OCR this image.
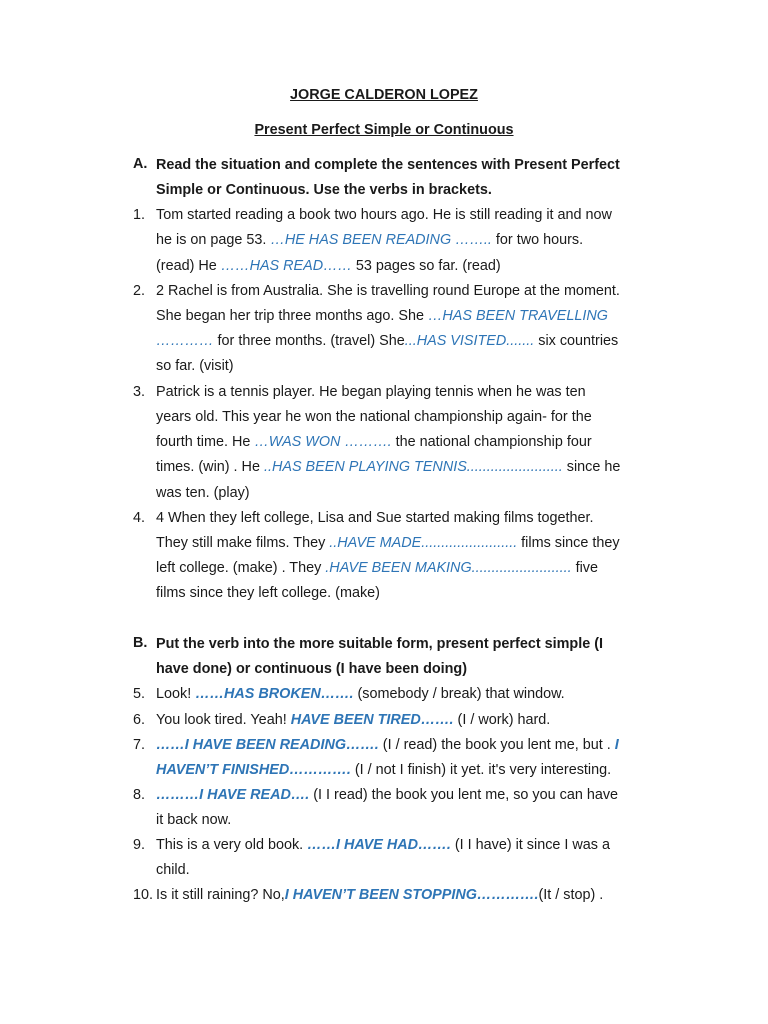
JORGE CALDERON LOPEZ
Present Perfect Simple or Continuous
A. Read the situation and complete the sentences with Present Perfect
Simple or Continuous. Use the verbs in brackets.
1. Tom started reading a book two hours ago. He is still reading it and now
he is on page 53. …HE HAS BEEN READING …….. for two hours.
(read) He ……HAS READ…… 53 pages so far. (read)
2. 2 Rachel is from Australia. She is travelling round Europe at the moment.
She began her trip three months ago. She …HAS BEEN TRAVELLING
………… for three months. (travel) She...HAS VISITED....... six countries
so far. (visit)
3. Patrick is a tennis player. He began playing tennis when he was ten
years old. This year he won the national championship again- for the
fourth time. He …WAS WON ………. the national championship four
times. (win) . He ..HAS BEEN PLAYING TENNIS........................ since he
was ten. (play)
4. 4 When they left college, Lisa and Sue started making films together.
They still make films. They ..HAVE MADE........................ films since they
left college. (make) . They .HAVE BEEN MAKING......................... five
films since they left college. (make)
B. Put the verb into the more suitable form, present perfect simple (I
have done) or continuous (I have been doing)
5. Look! ……HAS BROKEN……. (somebody / break) that window.
6. You look tired. Yeah! HAVE BEEN TIRED……. (I / work) hard.
7. ……I HAVE BEEN READING……. (I / read) the book you lent me, but . I
HAVEN’T FINISHED…………. (I / not I finish) it yet. it's very interesting.
8. ………I HAVE READ…. (I I read) the book you lent me, so you can have
it back now.
9. This is a very old book. ……I HAVE HAD……. (I I have) it since I was a
child.
10. Is it still raining? No,I HAVEN’T BEEN STOPPING………….(It / stop) .
